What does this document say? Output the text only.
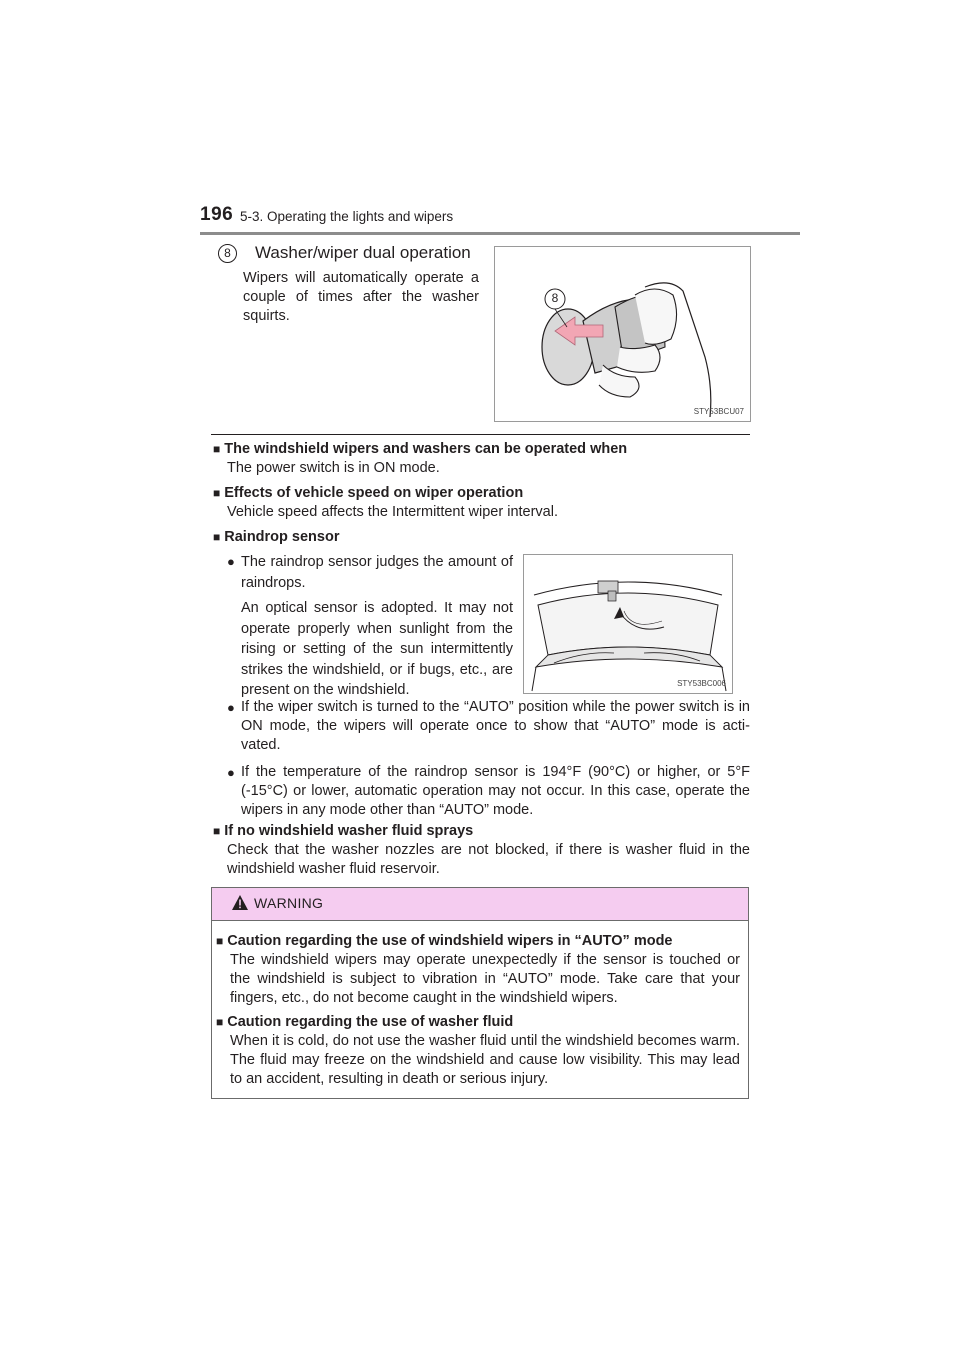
196 5-3. Operating the lights and wipers
8	Washer/wiper dual operation
Wipers will automatically operate a couple of times after the washer squirts.
8
STY53BCU07
■ The windshield wipers and washers can be operated when
The power switch is in ON mode.
■ Effects of vehicle speed on wiper operation
Vehicle speed affects the Intermittent wiper interval.
■ Raindrop sensor
● The raindrop sensor judges the amount of raindrops.
An optical sensor is adopted. It may not operate properly when sunlight from the rising or setting of the sun intermittently strikes the windshield, or if bugs, etc., are present on the windshield.	STY53BC006
● If the wiper switch is turned to the “AUTO” position while the power switch is in ON mode, the wipers will operate once to show that “AUTO” mode is acti-vated.
● If the temperature of the raindrop sensor is 194°F (90°C) or higher, or 5°F (-15°C) or lower, automatic operation may not occur. In this case, operate the wipers in any mode other than “AUTO” mode.
■ If no windshield washer fluid sprays
Check that the washer nozzles are not blocked, if there is washer fluid in the windshield washer fluid reservoir.
WARNING
■ Caution regarding the use of windshield wipers in “AUTO” mode
The windshield wipers may operate unexpectedly if the sensor is touched or the windshield is subject to vibration in “AUTO” mode. Take care that your fingers, etc., do not become caught in the windshield wipers.
■ Caution regarding the use of washer fluid
When it is cold, do not use the washer fluid until the windshield becomes warm. The fluid may freeze on the windshield and cause low visibility. This may lead to an accident, resulting in death or serious injury.
